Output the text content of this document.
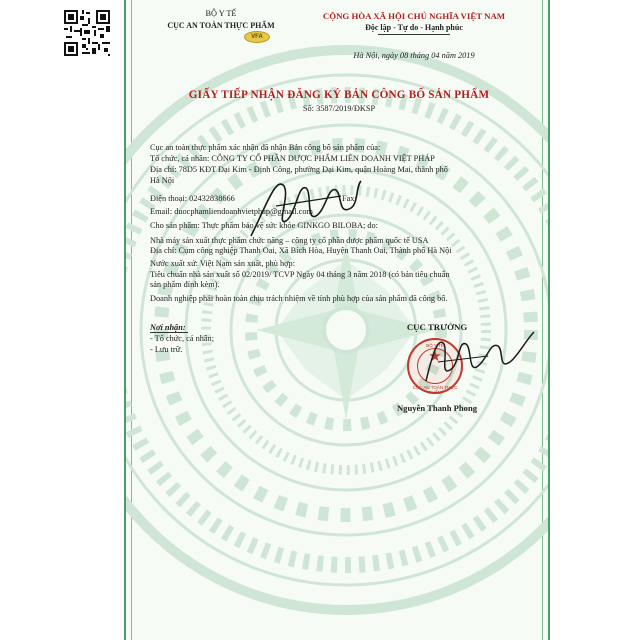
BỘ Y TẾ
CỤC AN TOÀN THỰC PHẨM
VFA
CỘNG HÒA XÃ HỘI CHỦ NGHĨA VIỆT NAM
Độc lập - Tự do - Hạnh phúc
Hà Nội, ngày 08 tháng 04 năm 2019
GIẤY TIẾP NHẬN ĐĂNG KÝ BẢN CÔNG BỐ SẢN PHẨM
Số: 3587/2019/ĐKSP
Cục an toàn thực phẩm xác nhận đã nhận Bản công bố sản phẩm của:
Tổ chức, cá nhân: CÔNG TY CỔ PHẦN DƯỢC PHẨM LIÊN DOANH VIỆT PHÁP
Địa chỉ: 78D5 KĐT Đại Kim - Định Công, phường Đại Kim, quận Hoàng Mai, thành phố
Hà Nội
Điện thoại: 02432838666	Fax:
Email: duocphamliendoanhvietphap@gmail.com
Cho sản phẩm: Thực phẩm bảo vệ sức khỏe GINKGO BILOBA; do:
Nhà máy sản xuất thực phẩm chức năng – công ty cổ phần dược phẩm quốc tế USA
Địa chỉ: Cụm công nghiệp Thanh Oai, Xã Bích Hòa, Huyện Thanh Oai, Thành phố Hà Nội
Nước xuất xứ: Việt Nam sản xuất, phù hợp:
Tiêu chuẩn nhà sản xuất số 02/2019/ TCVP Ngày 04 tháng 3 năm 2018 (có bản tiêu chuẩn
sản phẩm đính kèm).
Doanh nghiệp phải hoàn toàn chịu trách nhiệm về tính phù hợp của sản phẩm đã công bố.
Nơi nhận:
- Tổ chức, cá nhân;
- Lưu trữ.
CỤC TRƯỞNG
BỘ Y TẾ
★
CỤC AN TOÀN THỰC PHẨM
Nguyễn Thanh Phong
